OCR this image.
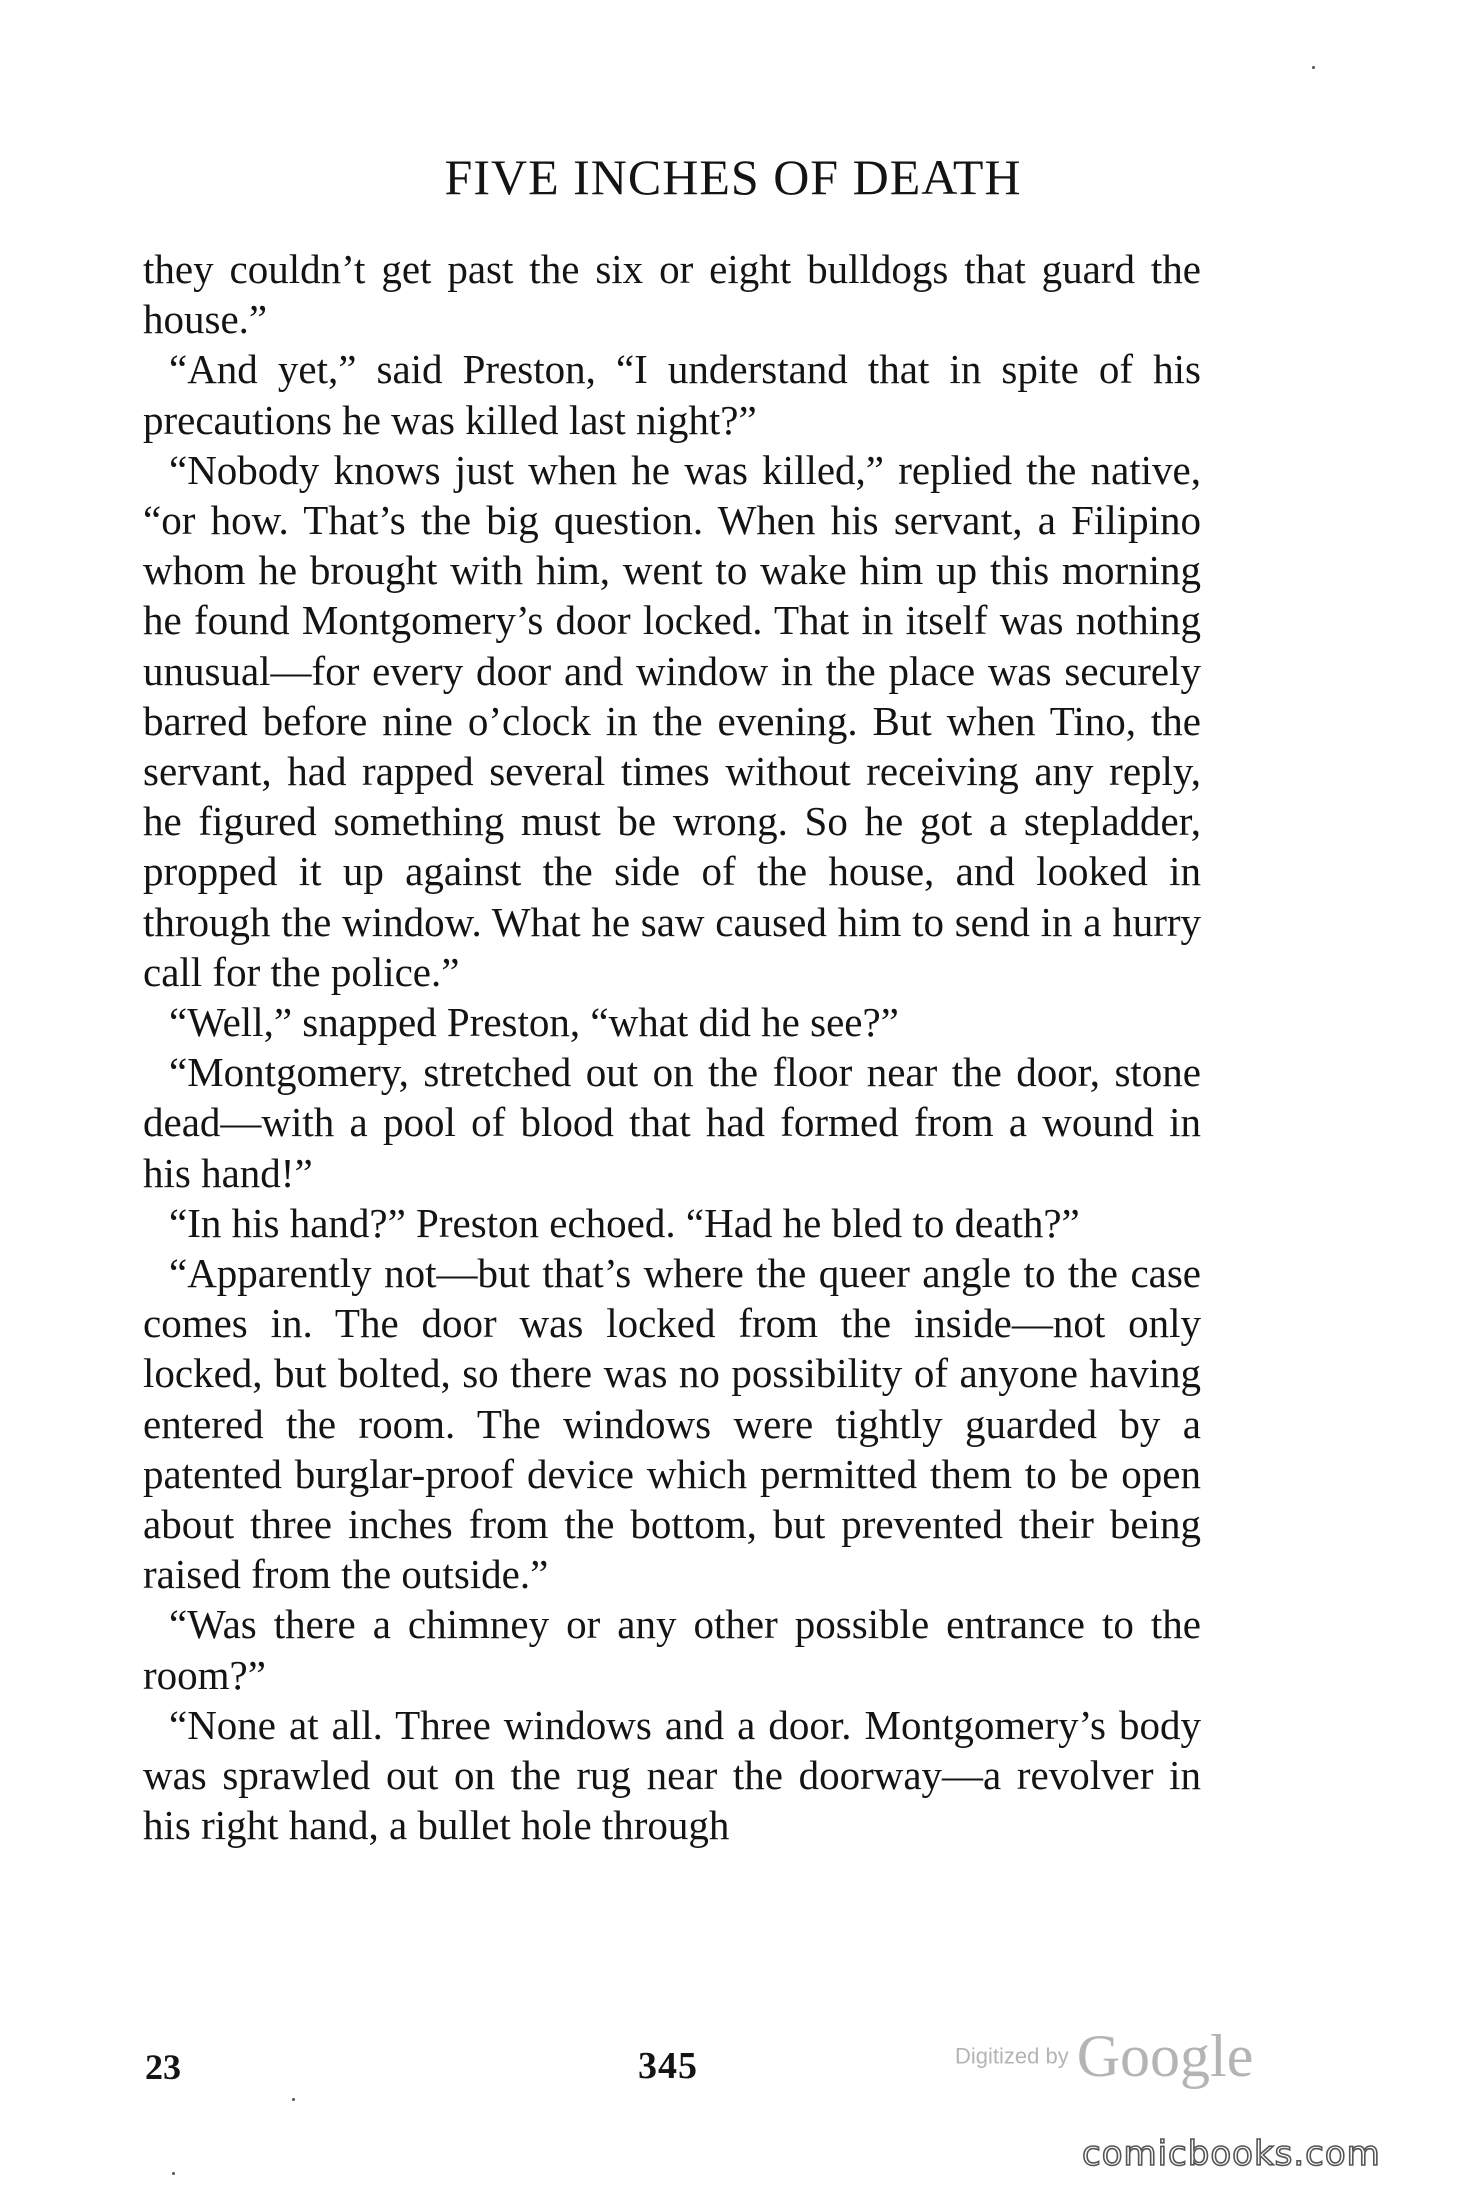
FIVE INCHES OF DEATH

they couldn’t get past the six or eight bulldogs that guard the house.”

“And yet,” said Preston, “I understand that in spite of his precautions he was killed last night?”

“Nobody knows just when he was killed,” replied the native, “or how. That’s the big question. When his servant, a Filipino whom he brought with him, went to wake him up this morning he found Montgomery’s door locked. That in itself was nothing unusual—for every door and window in the place was securely barred before nine o’clock in the evening. But when Tino, the servant, had rapped several times without receiving any reply, he figured something must be wrong. So he got a stepladder, propped it up against the side of the house, and looked in through the window. What he saw caused him to send in a hurry call for the police.”

“Well,” snapped Preston, “what did he see?”

“Montgomery, stretched out on the floor near the door, stone dead—with a pool of blood that had formed from a wound in his hand!”

“In his hand?” Preston echoed. “Had he bled to death?”

“Apparently not—but that’s where the queer angle to the case comes in. The door was locked from the inside—not only locked, but bolted, so there was no possibility of anyone having entered the room. The windows were tightly guarded by a patented burglar-proof device which permitted them to be open about three inches from the bottom, but prevented their being raised from the outside.”

“Was there a chimney or any other possible entrance to the room?”

“None at all. Three windows and a door. Montgomery’s body was sprawled out on the rug near the doorway—a revolver in his right hand, a bullet hole through

23	345	Digitized by Google
comicbooks.com
